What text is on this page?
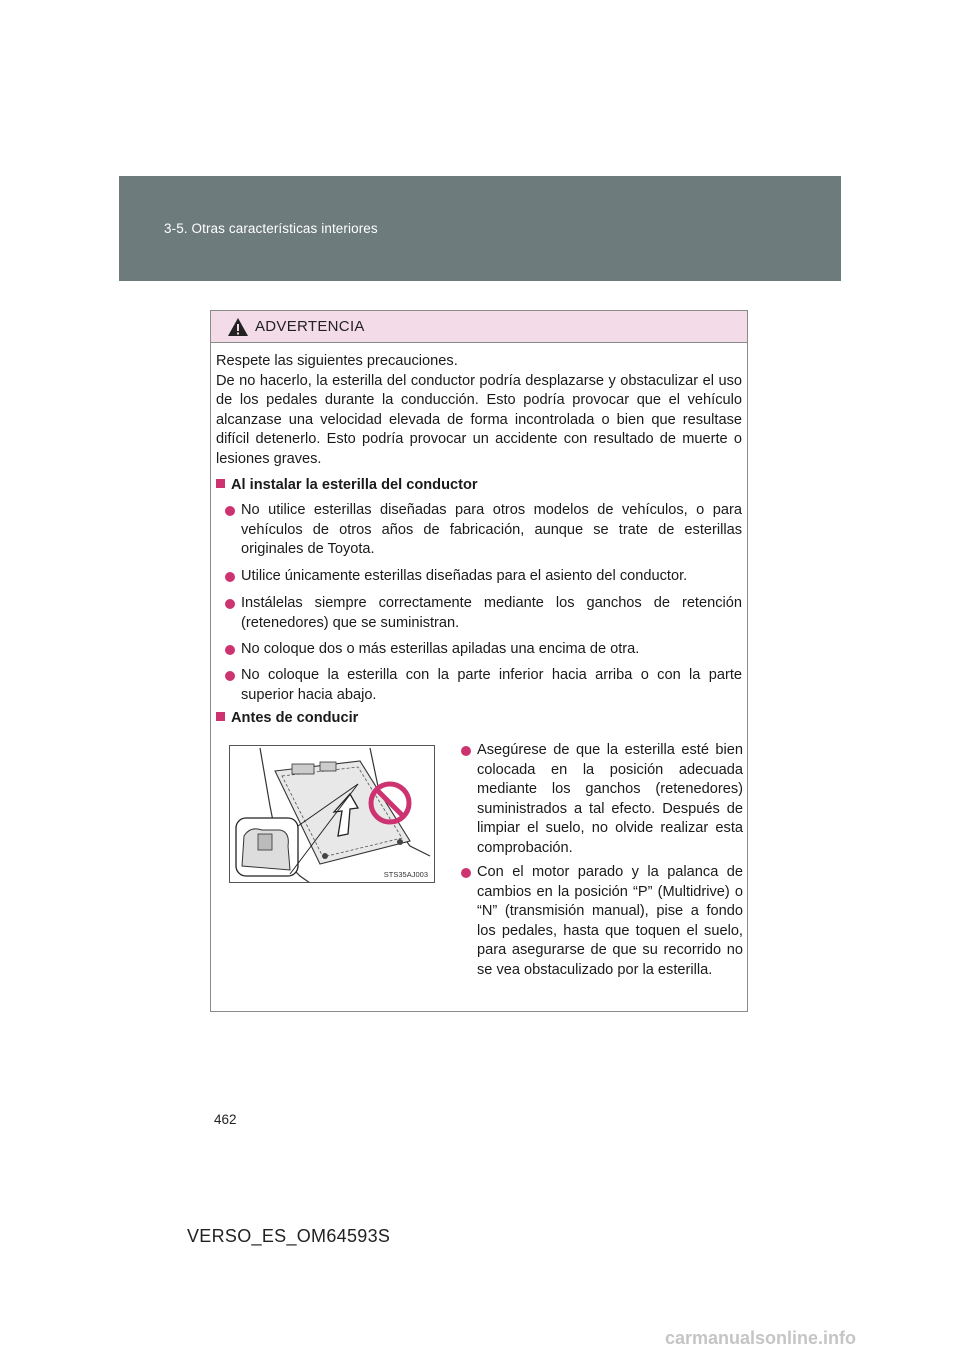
3-5. Otras características interiores
ADVERTENCIA
Respete las siguientes precauciones.
De no hacerlo, la esterilla del conductor podría desplazarse y obstaculizar el uso de los pedales durante la conducción. Esto podría provocar que el vehículo alcanzase una velocidad elevada de forma incontrolada o bien que resultase difícil detenerlo. Esto podría provocar un accidente con resultado de muerte o lesiones graves.
Al instalar la esterilla del conductor
No utilice esterillas diseñadas para otros modelos de vehículos, o para vehículos de otros años de fabricación, aunque se trate de esterillas originales de Toyota.
Utilice únicamente esterillas diseñadas para el asiento del conductor.
Instálelas siempre correctamente mediante los ganchos de retención (retenedores) que se suministran.
No coloque dos o más esterillas apiladas una encima de otra.
No coloque la esterilla con la parte inferior hacia arriba o con la parte superior hacia abajo.
Antes de conducir
STS35AJ003
Asegúrese de que la esterilla esté bien colocada en la posición adecuada mediante los ganchos (retenedores) suministrados a tal efecto. Después de limpiar el suelo, no olvide realizar esta comprobación.
Con el motor parado y la palanca de cambios en la posición “P” (Multidrive) o “N” (transmisión manual), pise a fondo los pedales, hasta que toquen el suelo, para asegurarse de que su recorrido no se vea obstaculizado por la esterilla.
462
VERSO_ES_OM64593S
carmanualsonline.info
